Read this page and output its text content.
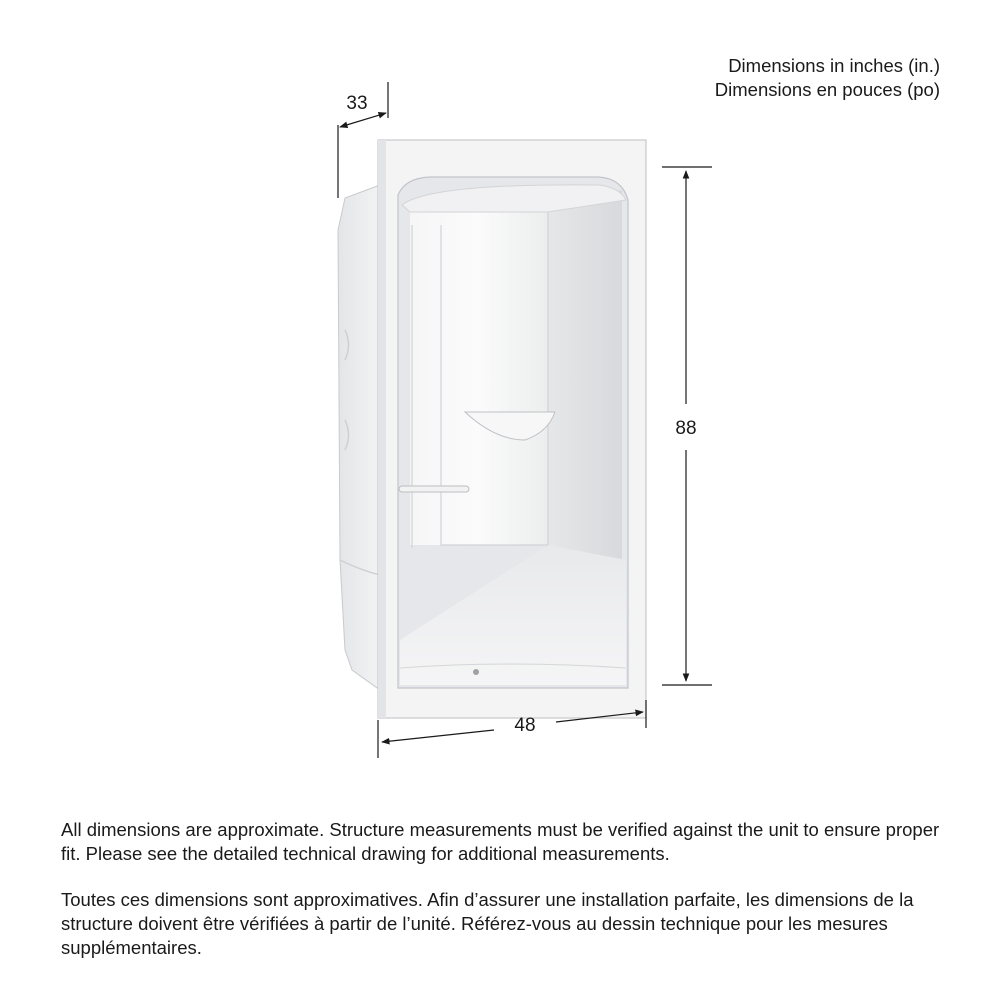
Dimensions in inches (in.)
Dimensions en pouces (po)
33
88
48

All dimensions are approximate. Structure measurements must be verified against the unit to ensure proper fit. Please see the detailed technical drawing for additional measurements.

Toutes ces dimensions sont approximatives. Afin d’assurer une installation parfaite, les dimensions de la structure doivent être vérifiées à partir de l’unité. Référez-vous au dessin technique pour les mesures supplémentaires.
